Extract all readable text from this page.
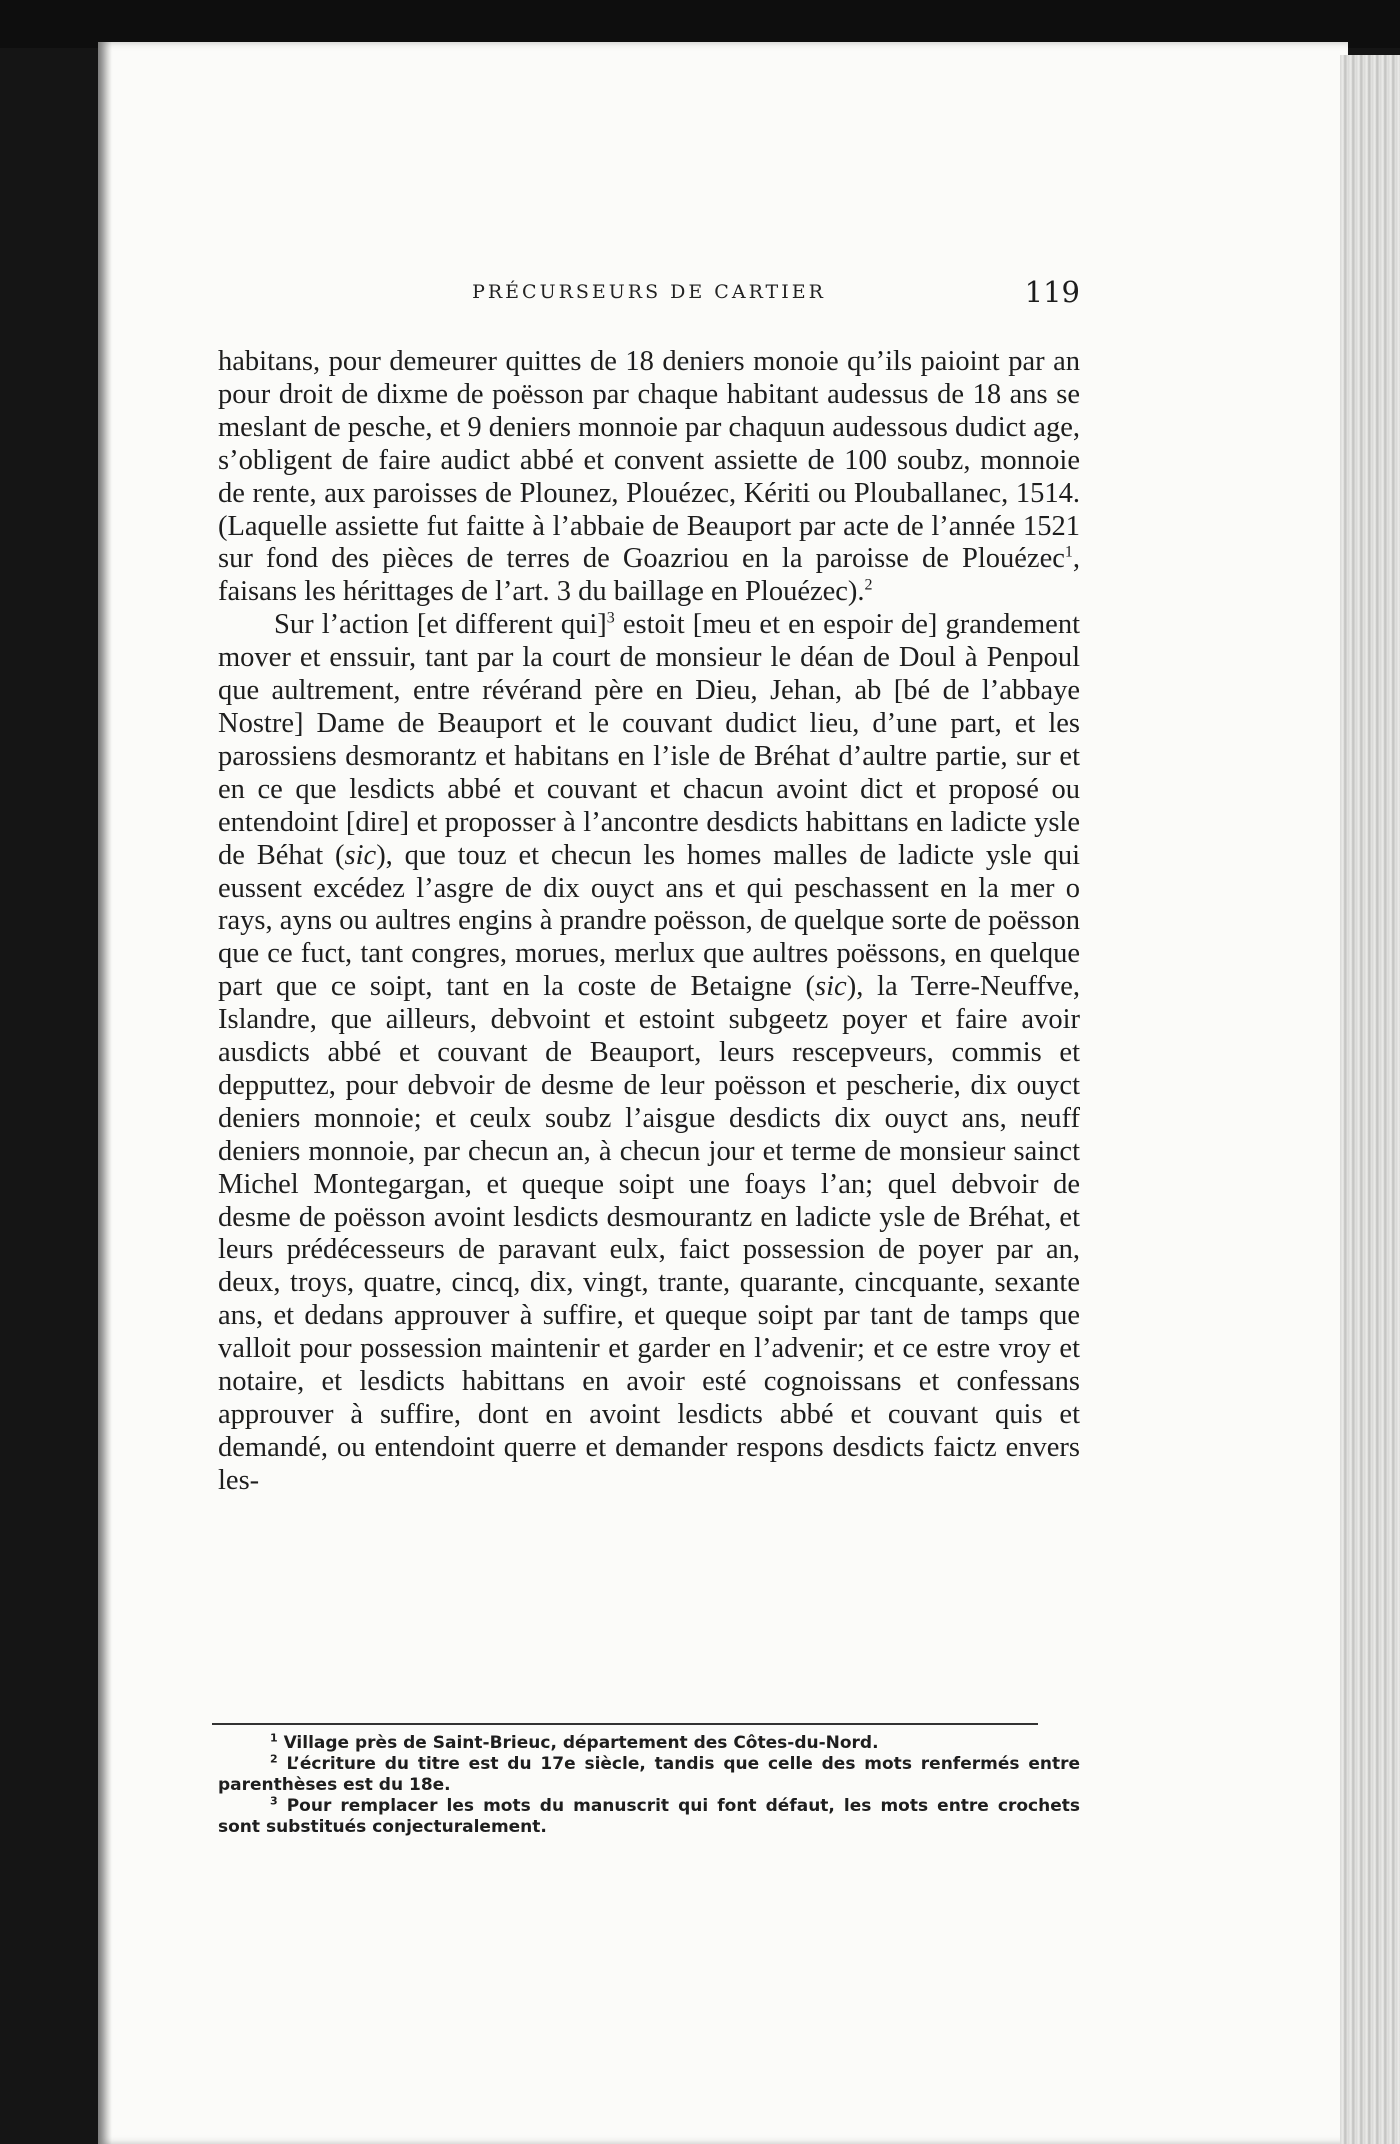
PRÉCURSEURS DE CARTIER	119

habitans, pour demeurer quittes de 18 deniers monoie qu’ils paioint par an pour droit de dixme de poësson par chaque habitant audessus de 18 ans se meslant de pesche, et 9 deniers monnoie par chaquun audessous dudict age, s’obligent de faire audict abbé et convent assiette de 100 soubz, monnoie de rente, aux paroisses de Plounez, Plouézec, Kériti ou Plouballanec, 1514. (Laquelle assiette fut faitte à l’abbaie de Beauport par acte de l’année 1521 sur fond des pièces de terres de Goazriou en la paroisse de Plouézec$^1$, faisans les hérittages de l’art. 3 du baillage en Plouézec).$^2$

Sur l’action [et different qui]$^3$ estoit [meu et en espoir de] grandement mover et enssuir, tant par la court de monsieur le déan de Doul à Penpoul que aultrement, entre révérand père en Dieu, Jehan, ab [bé de l’abbaye Nostre] Dame de Beauport et le couvant dudict lieu, d’une part, et les parossiens desmorantz et habitans en l’isle de Bréhat d’aultre partie, sur et en ce que lesdicts abbé et couvant et chacun avoint dict et proposé ou entendoint [dire] et proposser à l’ancontre desdicts habittans en ladicte ysle de Béhat (sic), que touz et checun les homes malles de ladicte ysle qui eussent excédez l’asgre de dix ouyct ans et qui peschassent en la mer o rays, ayns ou aultres engins à prandre poësson, de quelque sorte de poësson que ce fuct, tant congres, morues, merlux que aultres poëssons, en quelque part que ce soipt, tant en la coste de Betaigne (sic), la Terre-Neuffve, Islandre, que ailleurs, debvoint et estoint subgeetz poyer et faire avoir ausdicts abbé et couvant de Beauport, leurs rescepveurs, commis et depputtez, pour debvoir de desme de leur poësson et pescherie, dix ouyct deniers monnoie; et ceulx soubz l’aisgue desdicts dix ouyct ans, neuff deniers monnoie, par checun an, à checun jour et terme de monsieur sainct Michel Montegargan, et queque soipt une foays l’an; quel debvoir de desme de poësson avoint lesdicts desmourantz en ladicte ysle de Bréhat, et leurs prédécesseurs de paravant eulx, faict possession de poyer par an, deux, troys, quatre, cincq, dix, vingt, trante, quarante, cincquante, sexante ans, et dedans approuver à suffire, et queque soipt par tant de tamps que valloit pour possession maintenir et garder en l’advenir; et ce estre vroy et notaire, et lesdicts habittans en avoir esté cognoissans et confessans approuver à suffire, dont en avoint lesdicts abbé et couvant quis et demandé, ou entendoint querre et demander respons desdicts faictz envers les-

$^1$ Village près de Saint-Brieuc, département des Côtes-du-Nord.

$^2$ L’écriture du titre est du 17e siècle, tandis que celle des mots renfermés entre parenthèses est du 18e.

$^3$ Pour remplacer les mots du manuscrit qui font défaut, les mots entre crochets sont substitués conjecturalement.
